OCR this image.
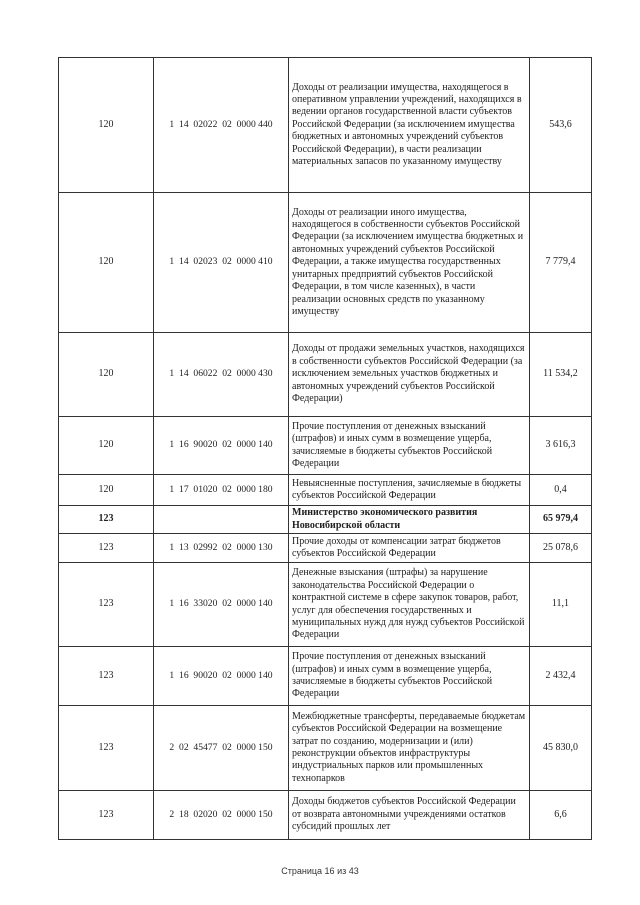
120	1  14  02022  02  0000 440	Доходы от реализации имущества, находящегося в оперативном управлении учреждений, находящихся в ведении органов государственной власти субъектов Российской Федерации (за исключением имущества бюджетных и автономных учреждений субъектов Российской Федерации), в части реализации материальных запасов по указанному имуществу	543,6
120	1  14  02023  02  0000 410	Доходы от реализации иного имущества, находящегося в собственности субъектов Российской Федерации (за исключением имущества бюджетных и автономных учреждений субъектов Российской Федерации, а также имущества государственных унитарных предприятий субъектов Российской Федерации, в том числе казенных), в части реализации основных средств по указанному имуществу	7 779,4
120	1  14  06022  02  0000 430	Доходы от продажи земельных участков, находящихся в собственности субъектов Российской Федерации (за исключением земельных участков бюджетных и автономных учреждений субъектов Российской Федерации)	11 534,2
120	1  16  90020  02  0000 140	Прочие поступления от денежных взысканий (штрафов) и иных сумм в возмещение ущерба, зачисляемые в бюджеты субъектов Российской Федерации	3 616,3
120	1  17  01020  02  0000 180	Невыясненные поступления, зачисляемые в бюджеты субъектов Российской Федерации	0,4
123		Министерство экономического развития Новосибирской области	65 979,4
123	1  13  02992  02  0000 130	Прочие доходы от компенсации затрат бюджетов субъектов Российской Федерации	25 078,6
123	1  16  33020  02  0000 140	Денежные взыскания (штрафы) за нарушение законодательства Российской Федерации о контрактной системе в сфере закупок товаров, работ, услуг для обеспечения государственных и муниципальных нужд для нужд субъектов Российской Федерации	11,1
123	1  16  90020  02  0000 140	Прочие поступления от денежных взысканий (штрафов) и иных сумм в возмещение ущерба, зачисляемые в бюджеты субъектов Российской Федерации	2 432,4
123	2  02  45477  02  0000 150	Межбюджетные трансферты, передаваемые бюджетам субъектов Российской Федерации на возмещение затрат по созданию, модернизации и (или) реконструкции объектов инфраструктуры индустриальных парков или промышленных технопарков	45 830,0
123	2  18  02020  02  0000 150	Доходы бюджетов субъектов Российской Федерации от возврата автономными учреждениями остатков субсидий прошлых лет	6,6
Страница 16 из 43
